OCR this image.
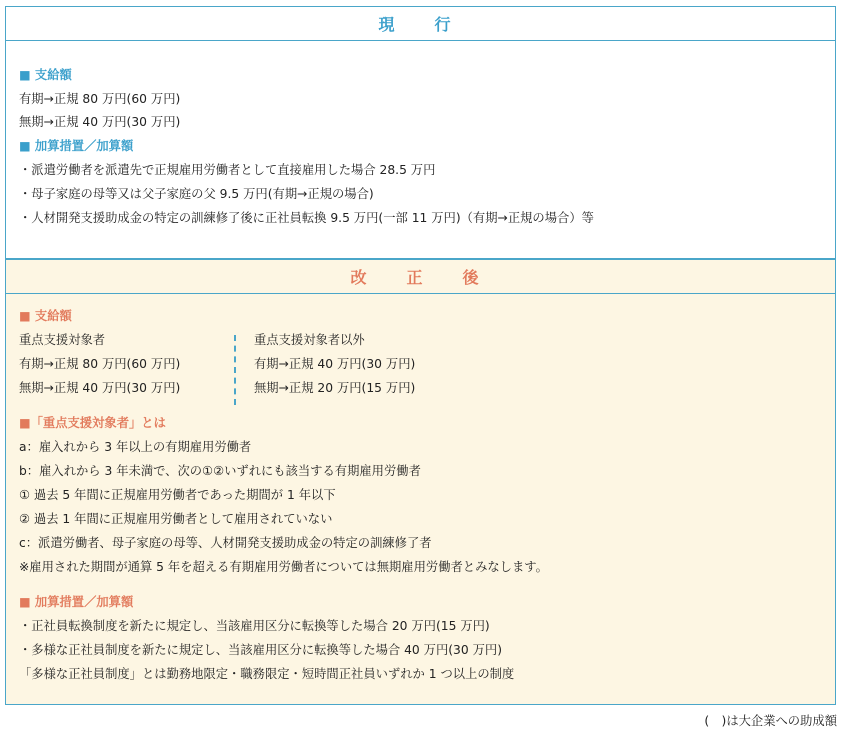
現　行
■ 支給額
有期→正規 80 万円(60 万円)
無期→正規 40 万円(30 万円)
■ 加算措置／加算額
・派遣労働者を派遣先で正規雇用労働者として直接雇用した場合 28.5 万円
・母子家庭の母等又は父子家庭の父 9.5 万円(有期→正規の場合)
・人材開発支援助成金の特定の訓練修了後に正社員転換 9.5 万円(一部 11 万円)（有期→正規の場合）等
改　正　後
■ 支給額
重点支援対象者
有期→正規 80 万円(60 万円)
無期→正規 40 万円(30 万円)
重点支援対象者以外
有期→正規 40 万円(30 万円)
無期→正規 20 万円(15 万円)
■「重点支援対象者」とは
a：雇入れから 3 年以上の有期雇用労働者
b：雇入れから 3 年未満で、次の①②いずれにも該当する有期雇用労働者
① 過去 5 年間に正規雇用労働者であった期間が 1 年以下
② 過去 1 年間に正規雇用労働者として雇用されていない
c：派遣労働者、母子家庭の母等、人材開発支援助成金の特定の訓練修了者
※雇用された期間が通算 5 年を超える有期雇用労働者については無期雇用労働者とみなします。
■ 加算措置／加算額
・正社員転換制度を新たに規定し、当該雇用区分に転換等した場合 20 万円(15 万円)
・多様な正社員制度を新たに規定し、当該雇用区分に転換等した場合 40 万円(30 万円)
「多様な正社員制度」とは勤務地限定・職務限定・短時間正社員いずれか 1 つ以上の制度
(　)は大企業への助成額
